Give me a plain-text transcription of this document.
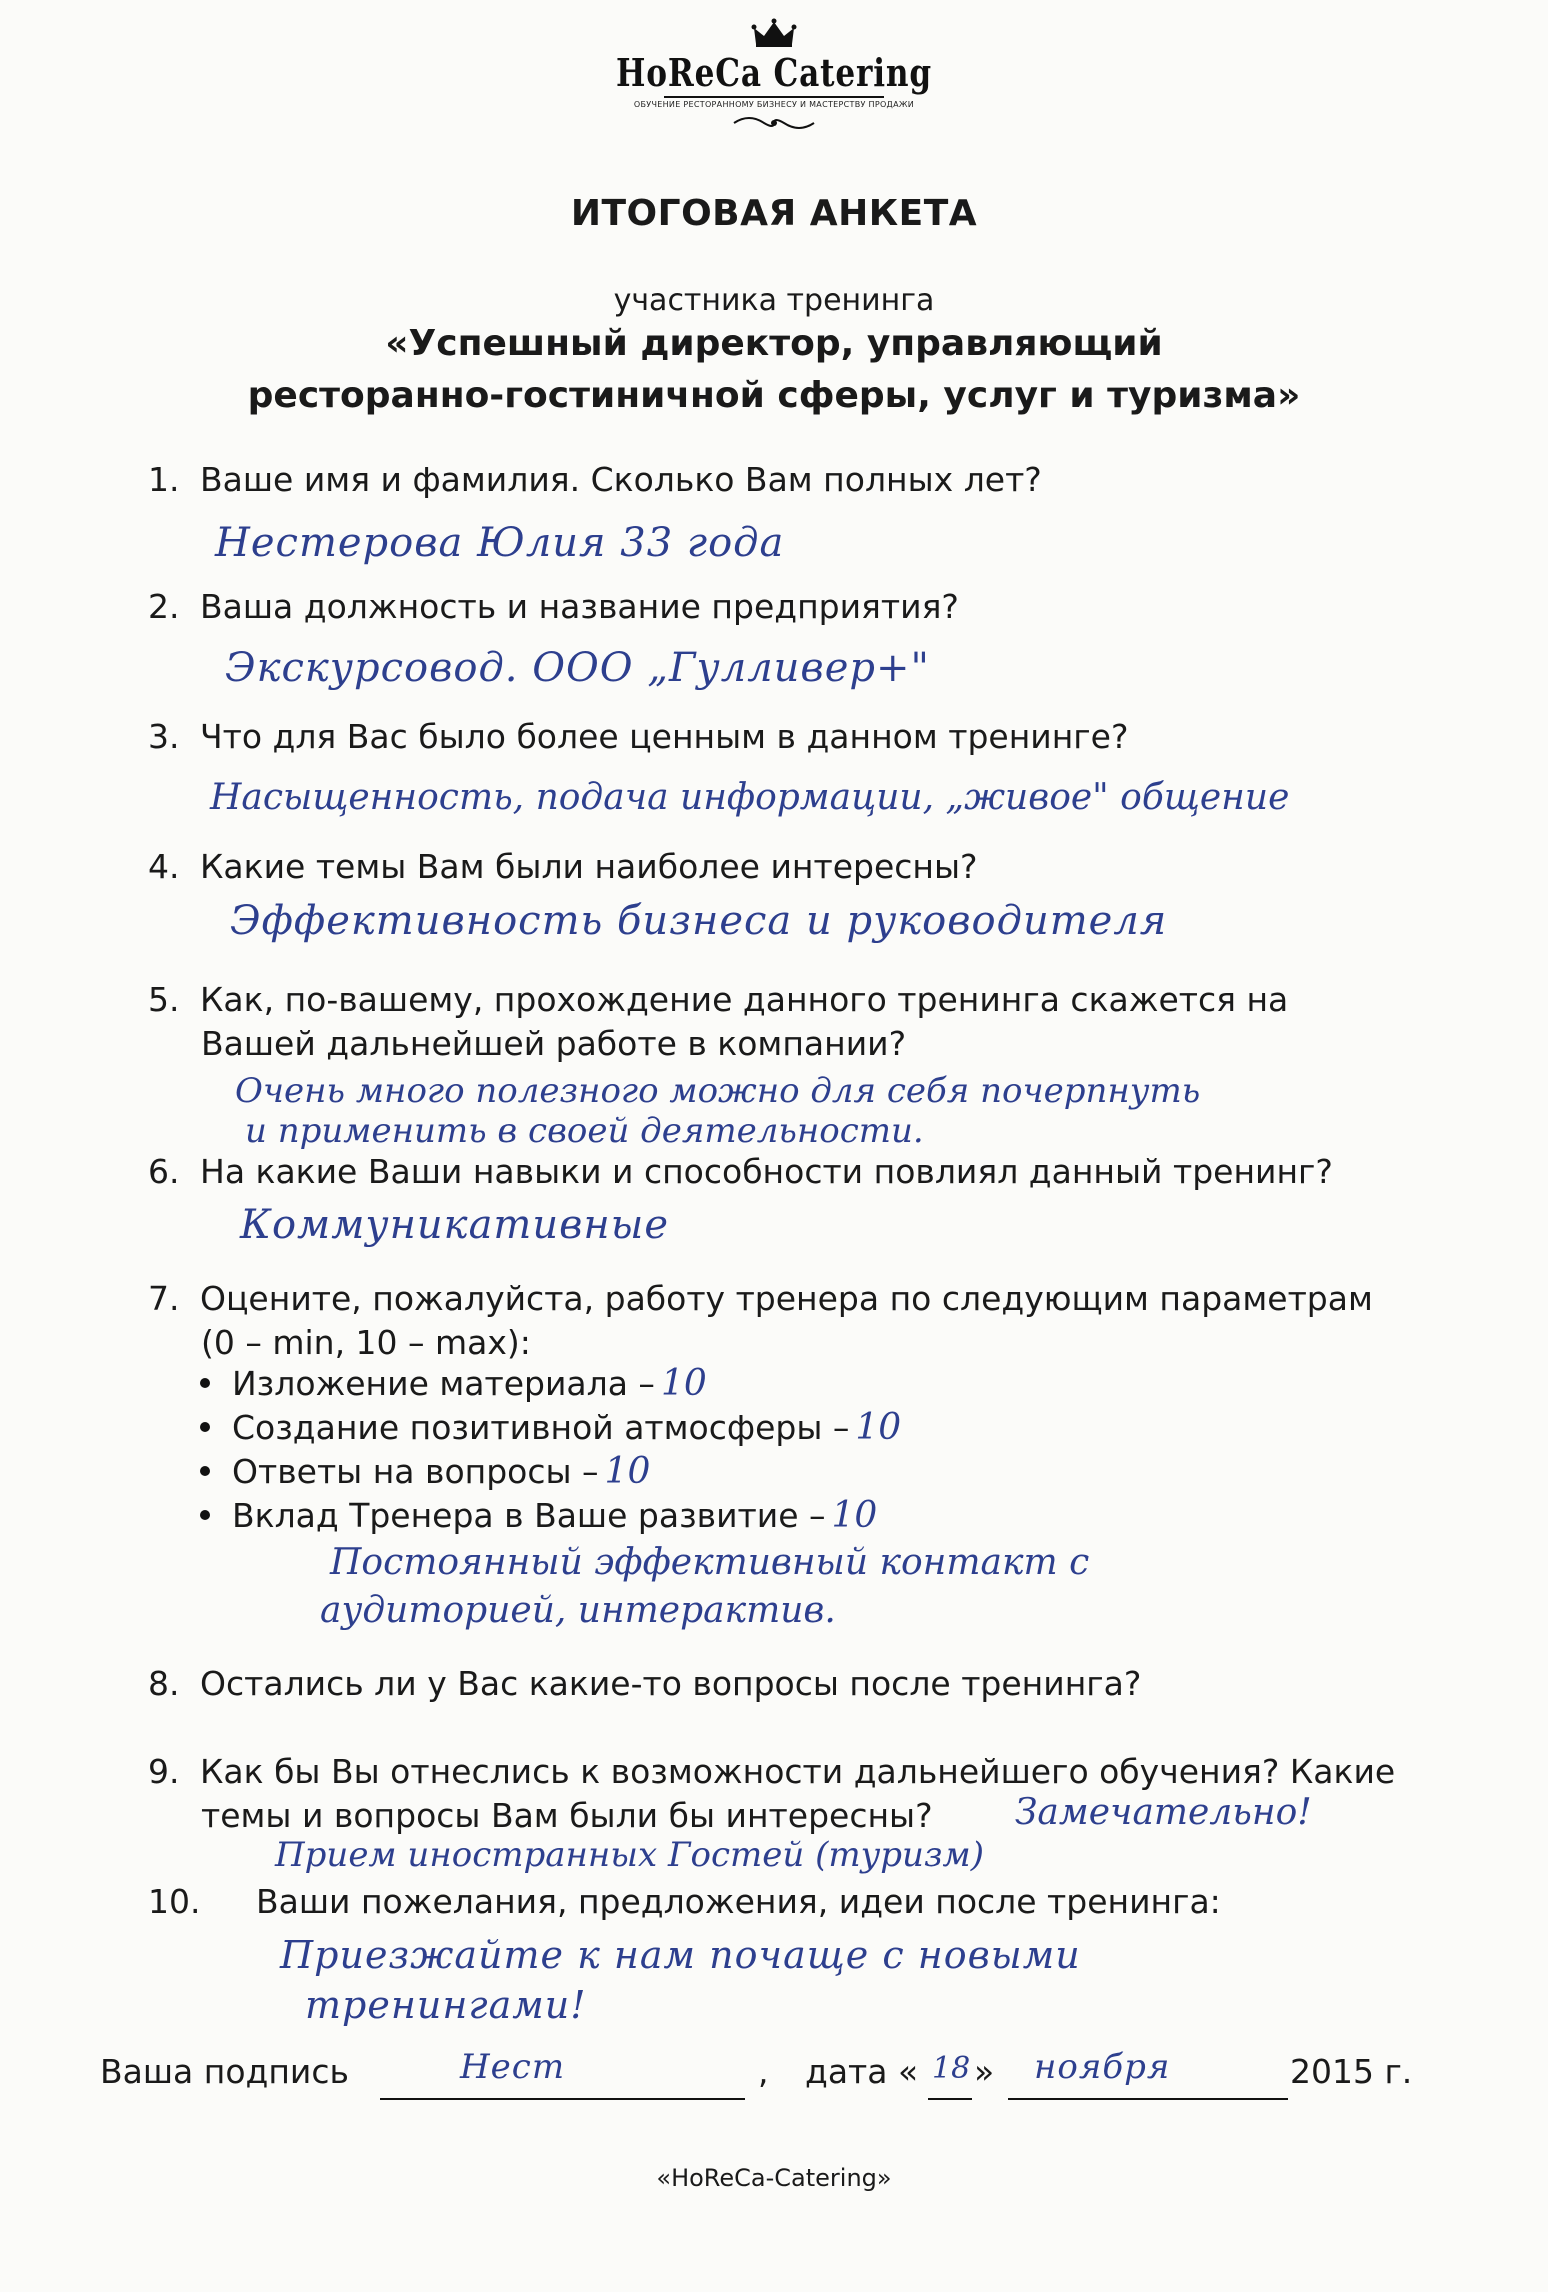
HoReCa Catering
ОБУЧЕНИЕ РЕСТОРАННОМУ БИЗНЕСУ И МАСТЕРСТВУ ПРОДАЖИ
ИТОГОВАЯ АНКЕТА
участника тренинга
«Успешный директор, управляющий
ресторанно-гостиничной сферы, услуг и туризма»
1. Ваше имя и фамилия. Сколько Вам полных лет?
Нестерова Юлия 33 года
2. Ваша должность и название предприятия?
Экскурсовод. ООО „Гулливер+"
3. Что для Вас было более ценным в данном тренинге?
Насыщенность, подача информации, „живое" общение
4. Какие темы Вам были наиболее интересны?
Эффективность бизнеса и руководителя
5. Как, по-вашему, прохождение данного тренинга скажется на
Вашей дальнейшей работе в компании?
Очень много полезного можно для себя почерпнуть
и применить в своей деятельности.
6. На какие Ваши навыки и способности повлиял данный тренинг?
Коммуникативные
7. Оцените, пожалуйста, работу тренера по следующим параметрам
(0 – min, 10 – max):
Изложение материала – 10
Создание позитивной атмосферы – 10
Ответы на вопросы – 10
Вклад Тренера в Ваше развитие – 10
Постоянный эффективный контакт с
аудиторией, интерактив.
8. Остались ли у Вас какие-то вопросы после тренинга?
9. Как бы Вы отнеслись к возможности дальнейшего обучения? Какие
темы и вопросы Вам были бы интересны?	Замечательно!
Прием иностранных Гостей (туризм)
10. Ваши пожелания, предложения, идеи после тренинга:
Приезжайте к нам почаще с новыми
тренингами!
Ваша подпись	Нест	, дата « 18 » ноября	2015 г.
«HoReCa-Catering»
